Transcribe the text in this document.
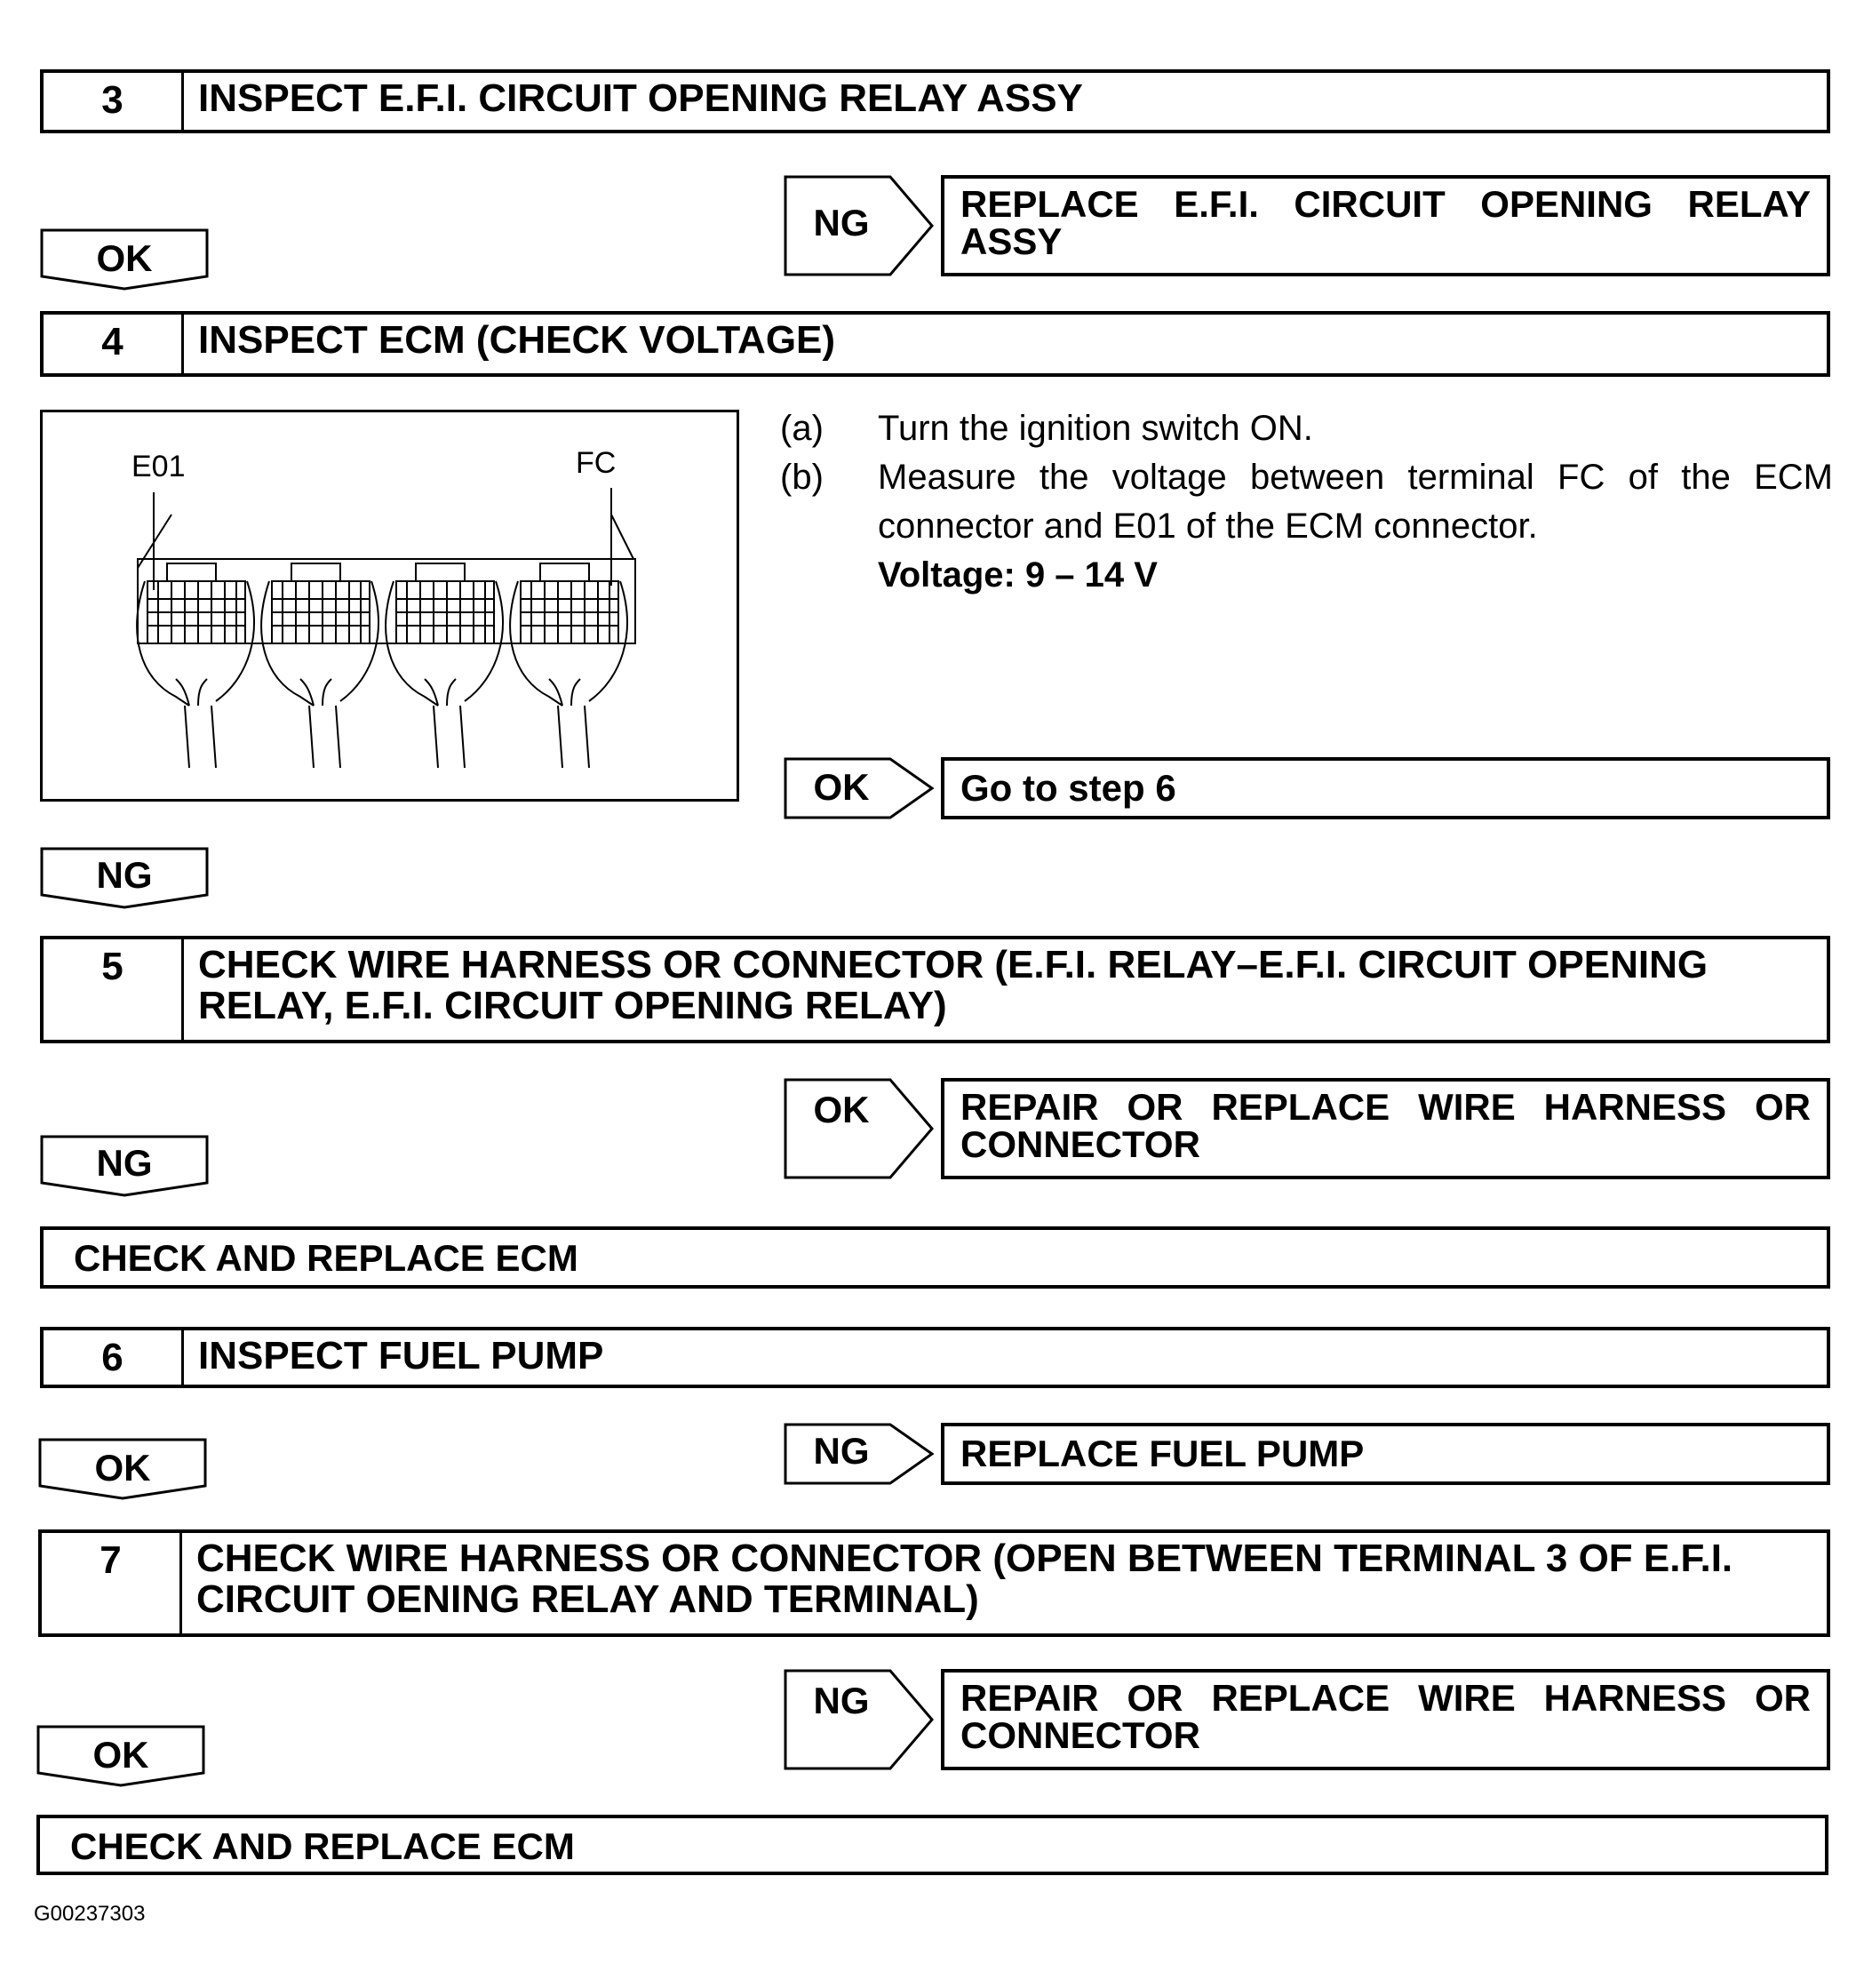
3	INSPECT E.F.I. CIRCUIT OPENING RELAY ASSY
OK
NG	REPLACE E.F.I. CIRCUIT OPENING RELAY ASSY
4	INSPECT ECM (CHECK VOLTAGE)
E01	FC
(a) Turn the ignition switch ON.
(b) Measure the voltage between terminal FC of the ECM
connector and E01 of the ECM connector.
Voltage: 9 – 14 V
OK	Go to step 6
NG
5	CHECK WIRE HARNESS OR CONNECTOR (E.F.I. RELAY–E.F.I. CIRCUIT OPENING RELAY, E.F.I. CIRCUIT OPENING RELAY)
OK	REPAIR OR REPLACE WIRE HARNESS OR CONNECTOR
NG
CHECK AND REPLACE ECM
6	INSPECT FUEL PUMP
NG	REPLACE FUEL PUMP
OK
7	CHECK WIRE HARNESS OR CONNECTOR (OPEN BETWEEN TERMINAL 3 OF E.F.I. CIRCUIT OENING RELAY AND TERMINAL)
NG	REPAIR OR REPLACE WIRE HARNESS OR CONNECTOR
OK
CHECK AND REPLACE ECM
G00237303
